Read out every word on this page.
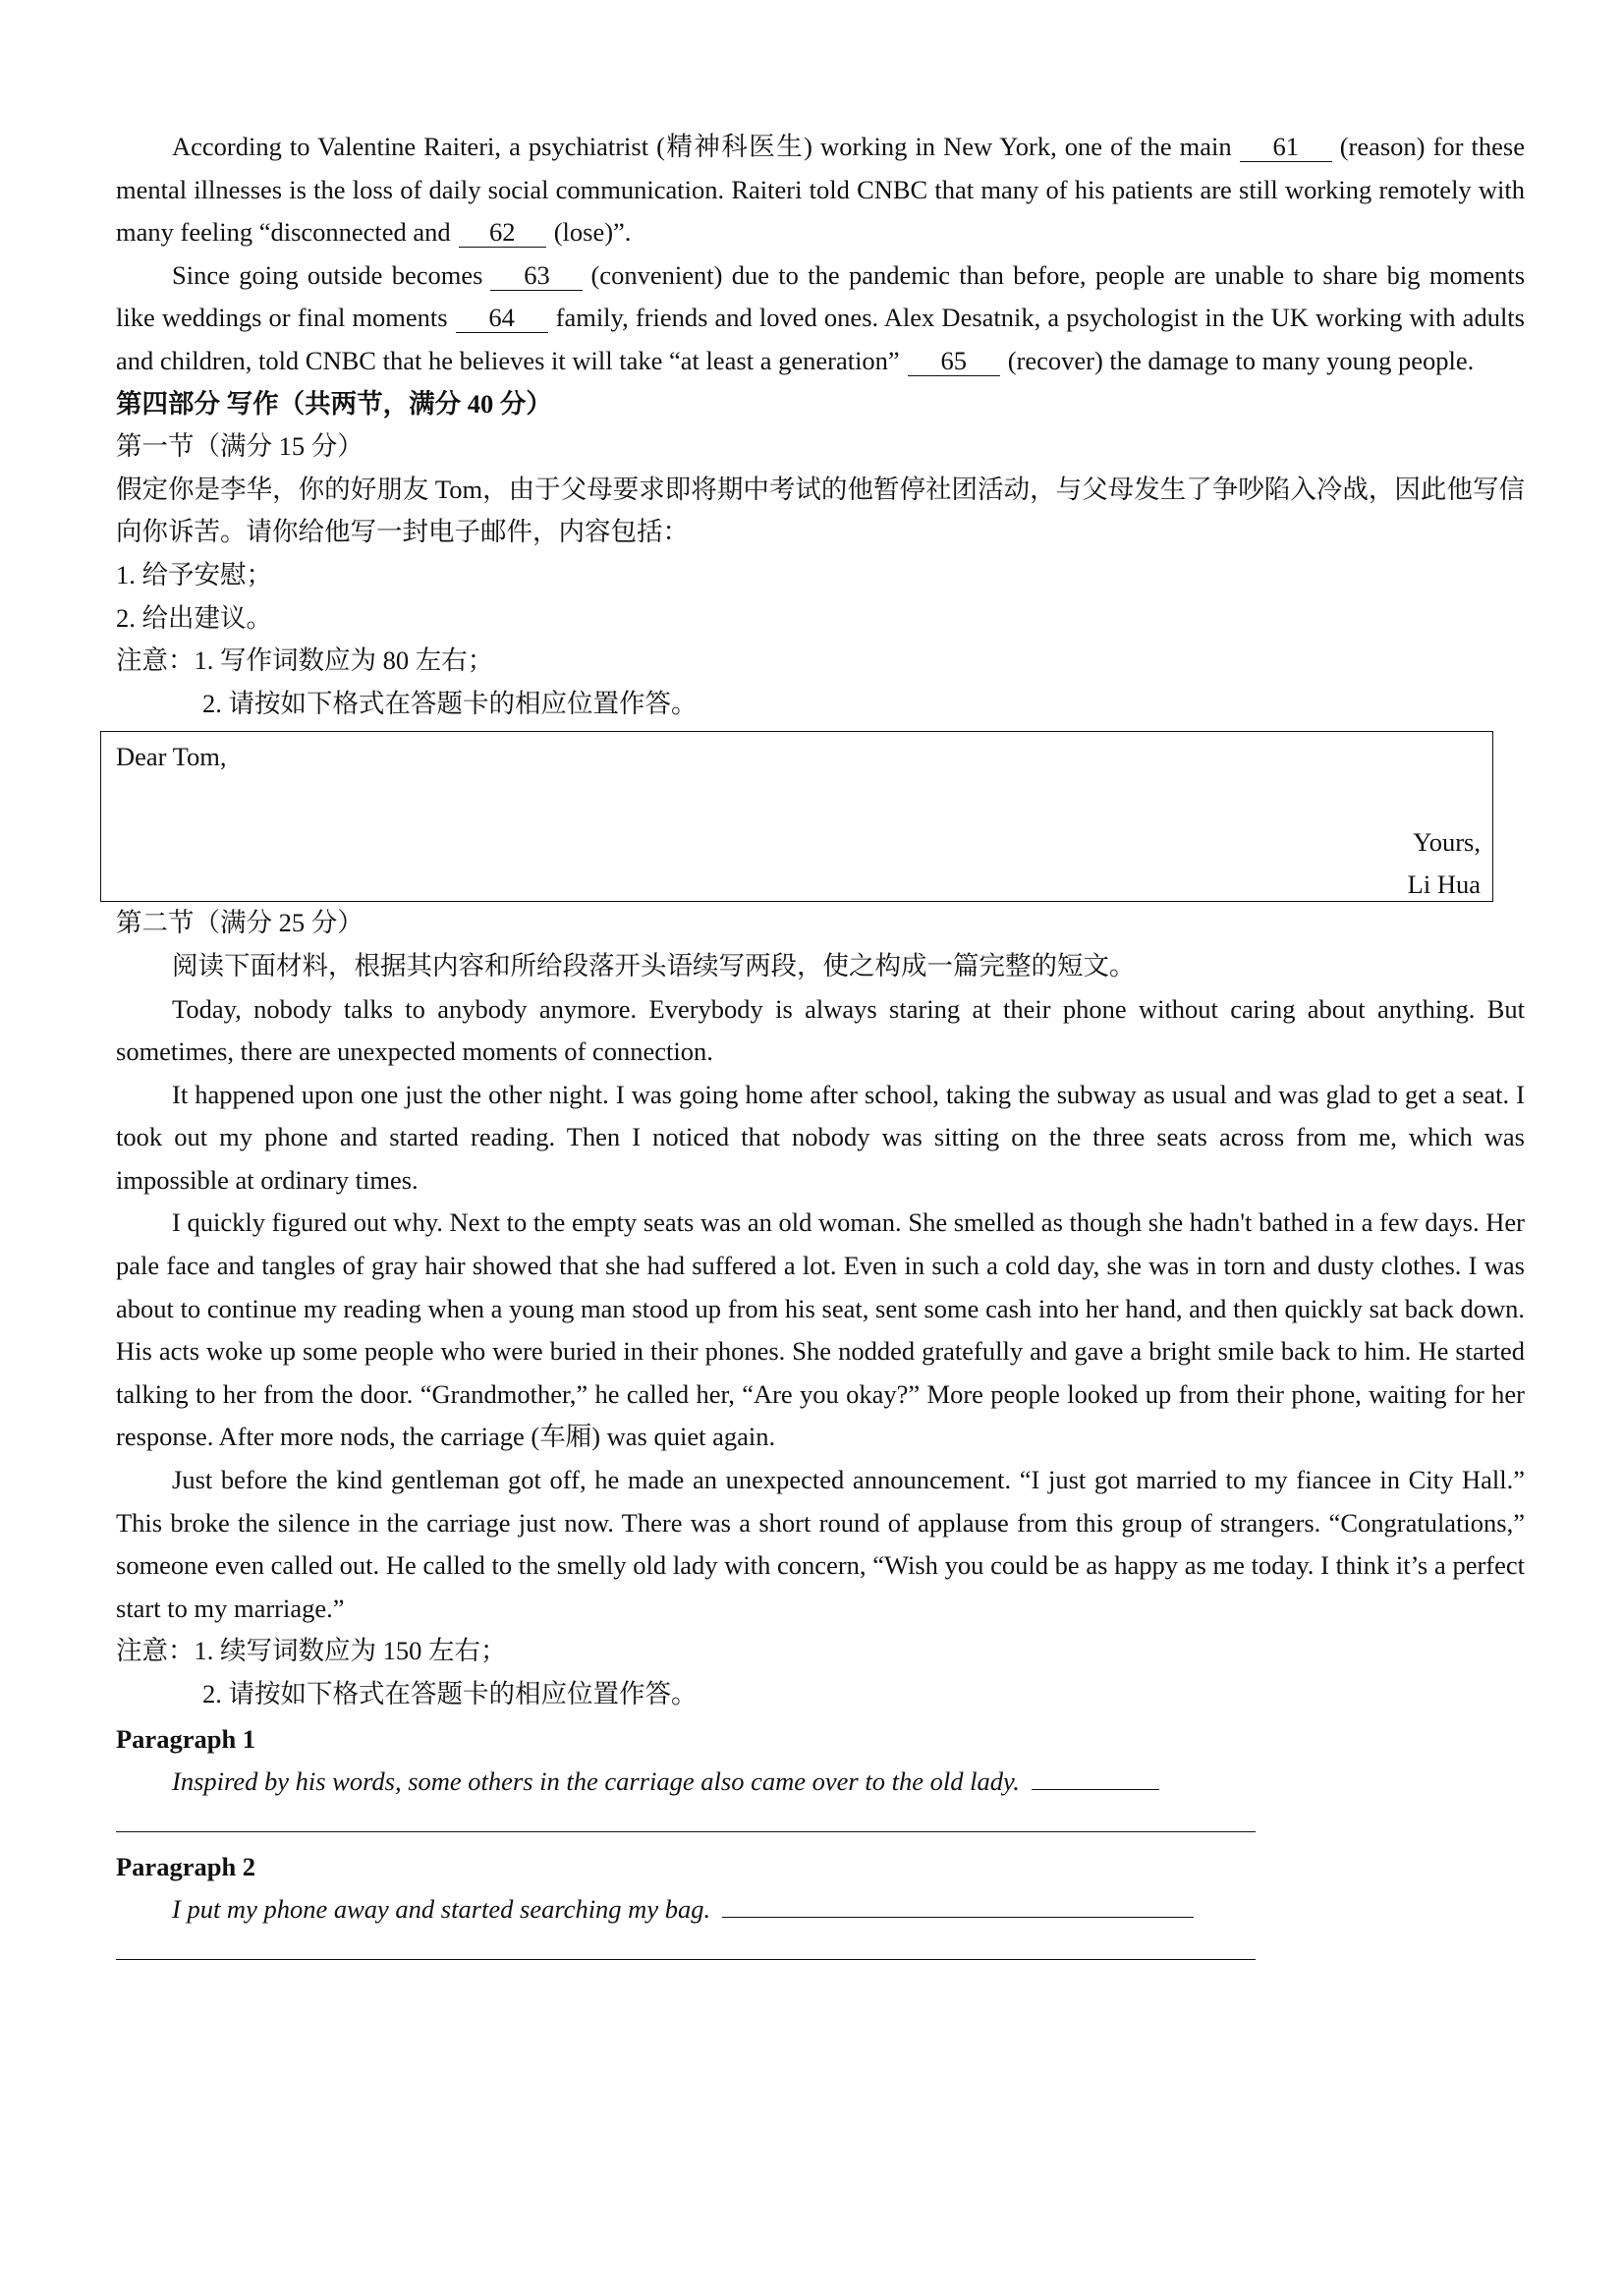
According to Valentine Raiteri, a psychiatrist (精神科医生) working in New York, one of the main 61 (reason) for these mental illnesses is the loss of daily social communication. Raiteri told CNBC that many of his patients are still working remotely with many feeling “disconnected and 62 (lose)”.

Since going outside becomes 63 (convenient) due to the pandemic than before, people are unable to share big moments like weddings or final moments 64 family, friends and loved ones. Alex Desatnik, a psychologist in the UK working with adults and children, told CNBC that he believes it will take “at least a generation” 65 (recover) the damage to many young people.

第四部分 写作（共两节，满分 40 分）

第一节（满分 15 分）

假定你是李华，你的好朋友 Tom，由于父母要求即将期中考试的他暂停社团活动，与父母发生了争吵陷入冷战，因此他写信向你诉苦。请你给他写一封电子邮件，内容包括：

1. 给予安慰；

2. 给出建议。

注意：1. 写作词数应为 80 左右；

2. 请按如下格式在答题卡的相应位置作答。

Dear Tom,
Yours,
Li Hua

第二节（满分 25 分）

阅读下面材料，根据其内容和所给段落开头语续写两段，使之构成一篇完整的短文。

Today, nobody talks to anybody anymore. Everybody is always staring at their phone without caring about anything. But sometimes, there are unexpected moments of connection.

It happened upon one just the other night. I was going home after school, taking the subway as usual and was glad to get a seat. I took out my phone and started reading. Then I noticed that nobody was sitting on the three seats across from me, which was impossible at ordinary times.

I quickly figured out why. Next to the empty seats was an old woman. She smelled as though she hadn't bathed in a few days. Her pale face and tangles of gray hair showed that she had suffered a lot. Even in such a cold day, she was in torn and dusty clothes. I was about to continue my reading when a young man stood up from his seat, sent some cash into her hand, and then quickly sat back down. His acts woke up some people who were buried in their phones. She nodded gratefully and gave a bright smile back to him. He started talking to her from the door. “Grandmother,” he called her, “Are you okay?” More people looked up from their phone, waiting for her response. After more nods, the carriage (车厢) was quiet again.

Just before the kind gentleman got off, he made an unexpected announcement. “I just got married to my fiancee in City Hall.” This broke the silence in the carriage just now. There was a short round of applause from this group of strangers. “Congratulations,” someone even called out. He called to the smelly old lady with concern, “Wish you could be as happy as me today. I think it’s a perfect start to my marriage.”

注意：1. 续写词数应为 150 左右；

2. 请按如下格式在答题卡的相应位置作答。

Paragraph 1

Inspired by his words, some others in the carriage also came over to the old lady.

Paragraph 2

I put my phone away and started searching my bag.
